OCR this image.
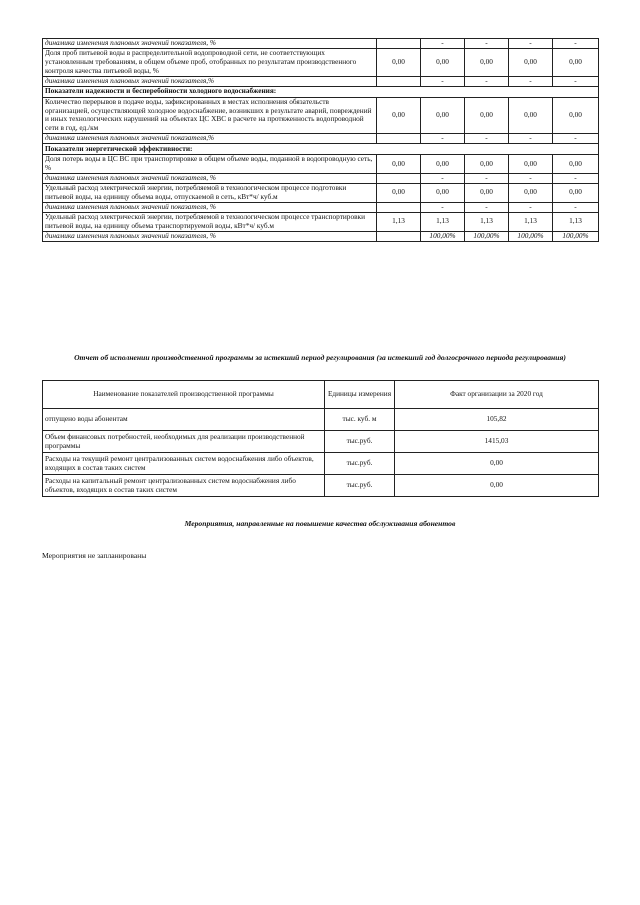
динамика изменения плановых значений показателя, %		-	-	-	-
Доля проб питьевой воды в распределительной водопроводной сети, не соответствующих установленным требованиям, в общем объеме проб, отобранных по результатам производственного контроля качества питьевой воды, %	0,00	0,00	0,00	0,00	0,00
динамика изменения плановых значений показателя,%		-	-	-	-
Показатели надежности и бесперебойности холодного водоснабжения:					
Количество перерывов в подаче воды, зафиксированных в местах исполнения обязательств организацией, осуществляющей холодное водоснабжение, возникших в результате аварий, повреждений и иных технологических нарушений на объектах ЦС ХВС в расчете на протяженность водопроводной сети в год, ед./км	0,00	0,00	0,00	0,00	0,00
динамика изменения плановых значений показателя,%		-	-	-	-
Показатели энергетической эффективности:					
Доля потерь воды в ЦС ВС при транспортировке в общем объеме воды, поданной в водопроводную сеть, %	0,00	0,00	0,00	0,00	0,00
динамика изменения плановых значений показателя, %		-	-	-	-
Удельный расход электрической энергии, потребляемой в технологическом процессе подготовки питьевой воды, на единицу объема воды, отпускаемой в сеть, кВт*ч/ куб.м	0,00	0,00	0,00	0,00	0,00
динамика изменения плановых значений показателя, %		-	-	-	-
Удельный расход электрической энергии, потребляемой в технологическом процессе транспортировки питьевой воды, на единицу объема транспортируемой воды, кВт*ч/ куб.м	1,13	1,13	1,13	1,13	1,13
динамика изменения плановых значений показателя, %		100,00%	100,00%	100,00%	100,00%
Отчет об исполнении производственной программы за истекший период регулирования (за истекший год долгосрочного периода регулирования)
Наименование показателей производственной программы	Единицы измерения	Факт организации за 2020 год
отпущено воды абонентам	тыс. куб. м	105,82
Объем финансовых потребностей, необходимых для реализации производственной программы	тыс.руб.	1415,03
Расходы на текущий ремонт централизованных систем водоснабжения либо объектов, входящих в состав таких систем	тыс.руб.	0,00
Расходы на капитальный ремонт централизованных систем водоснабжения либо объектов, входящих в состав таких систем	тыс.руб.	0,00
Мероприятия, направленные на повышение качества обслуживания абонентов
Мероприятия не запланированы
